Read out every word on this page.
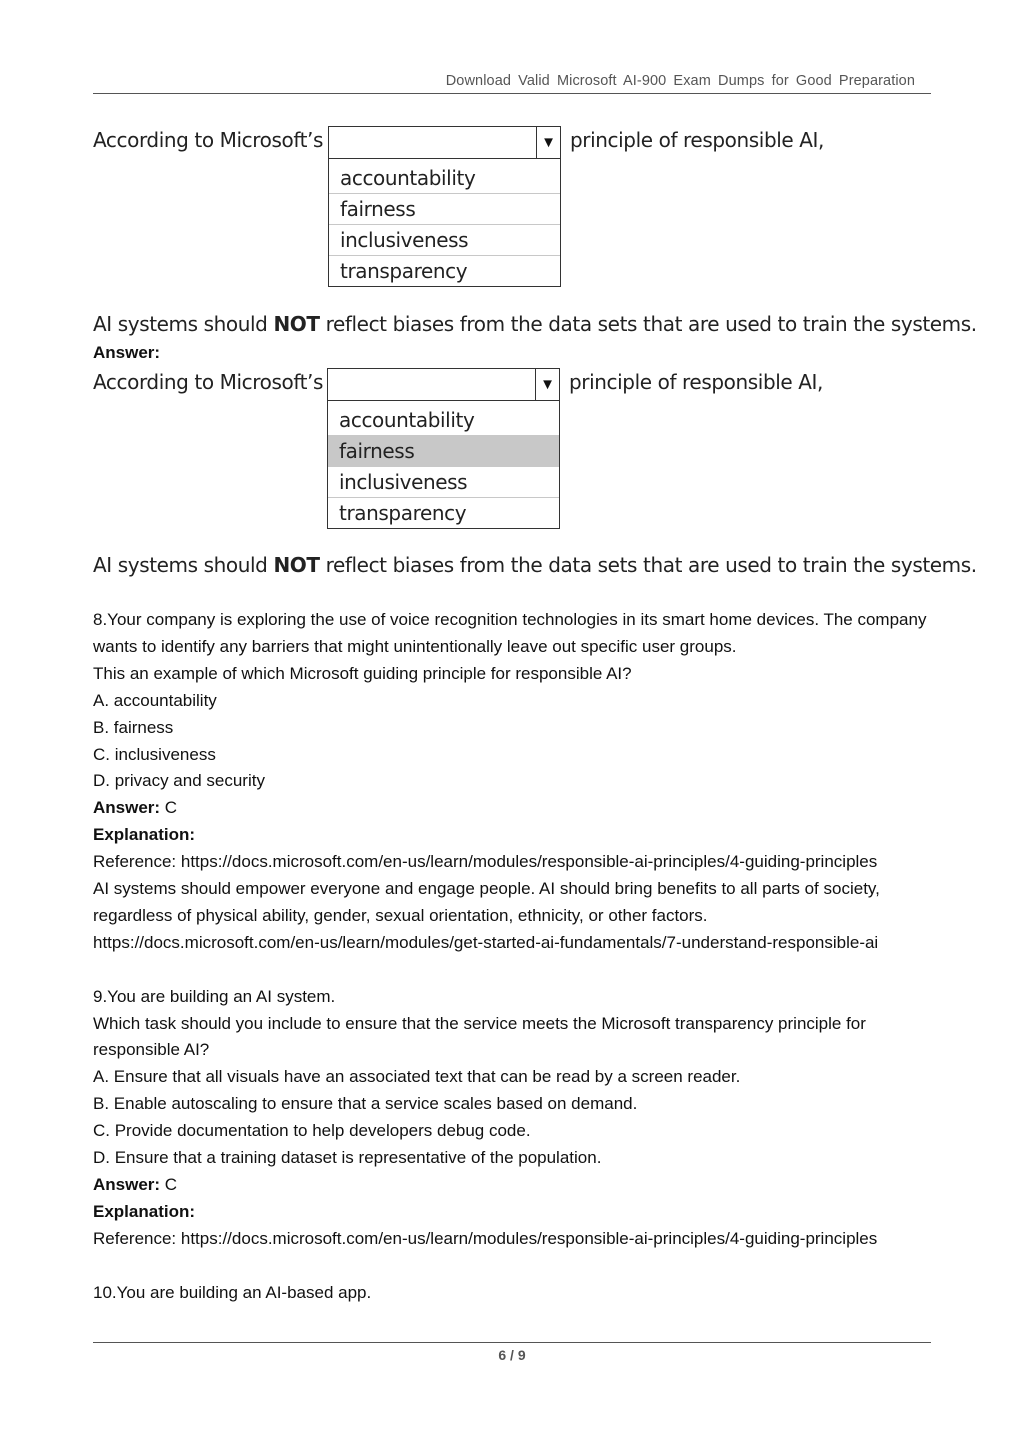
Download Valid Microsoft AI-900 Exam Dumps for Good Preparation
According to Microsoft’s	▼
accountability
fairness
inclusiveness
transparency
principle of responsible AI,
AI systems should NOT reflect biases from the data sets that are used to train the systems.
Answer:
According to Microsoft’s	▼
accountability
fairness
inclusiveness
transparency
principle of responsible AI,
AI systems should NOT reflect biases from the data sets that are used to train the systems.

8.Your company is exploring the use of voice recognition technologies in its smart home devices. The company wants to identify any barriers that might unintentionally leave out specific user groups.

This an example of which Microsoft guiding principle for responsible AI?

A. accountability

B. fairness

C. inclusiveness

D. privacy and security

Answer: C

Explanation:

Reference: https://docs.microsoft.com/en-us/learn/modules/responsible-ai-principles/4-guiding-principles

AI systems should empower everyone and engage people. AI should bring benefits to all parts of society, regardless of physical ability, gender, sexual orientation, ethnicity, or other factors.

https://docs.microsoft.com/en-us/learn/modules/get-started-ai-fundamentals/7-understand-responsible-ai

9.You are building an AI system.

Which task should you include to ensure that the service meets the Microsoft transparency principle for responsible AI?

A. Ensure that all visuals have an associated text that can be read by a screen reader.

B. Enable autoscaling to ensure that a service scales based on demand.

C. Provide documentation to help developers debug code.

D. Ensure that a training dataset is representative of the population.

Answer: C

Explanation:

Reference: https://docs.microsoft.com/en-us/learn/modules/responsible-ai-principles/4-guiding-principles

10.You are building an AI-based app.

6 / 9
